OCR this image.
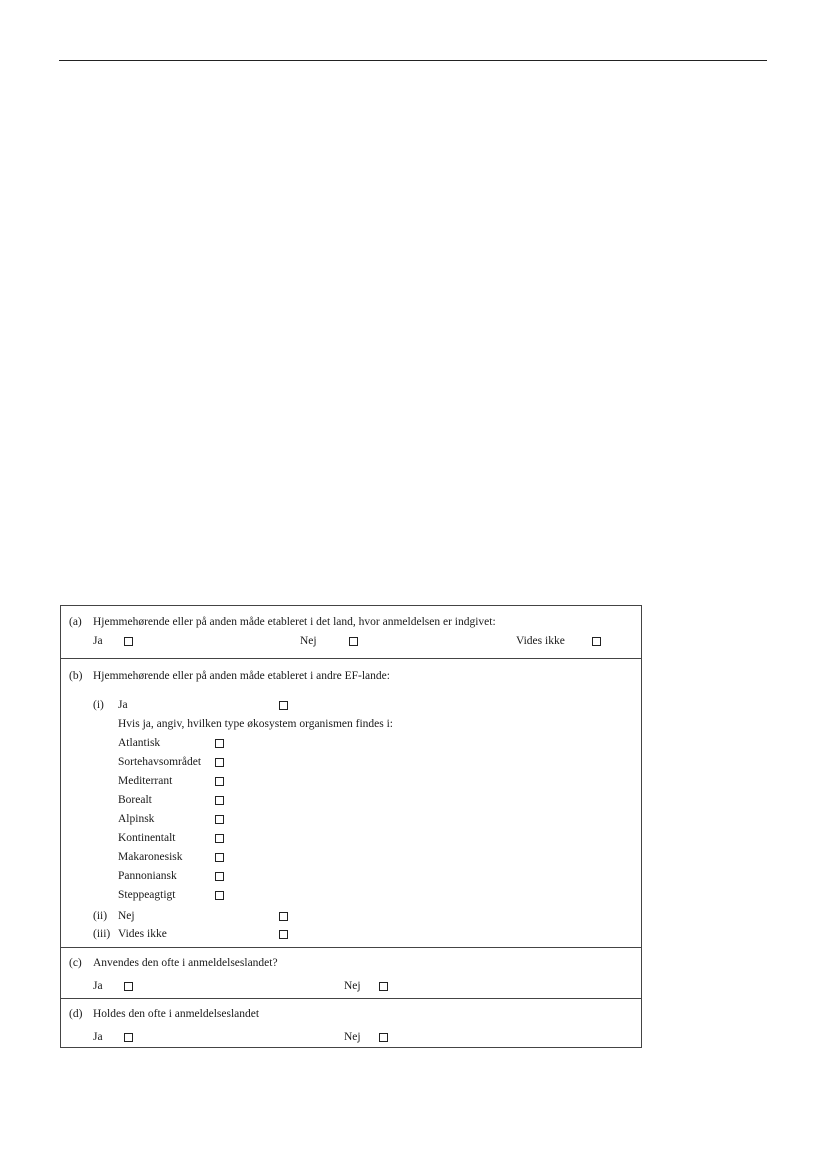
(a) Hjemmehørende eller på anden måde etableret i det land, hvor anmeldelsen er indgivet:
Ja	Nej	Vides ikke
(b) Hjemmehørende eller på anden måde etableret i andre EF-lande:
(i) Ja
Hvis ja, angiv, hvilken type økosystem organismen findes i:
Atlantisk
Sortehavsområdet
Mediterrant
Borealt
Alpinsk
Kontinentalt
Makaronesisk
Pannoniansk
Steppeagtigt
(ii) Nej
(iii) Vides ikke
(c) Anvendes den ofte i anmeldelseslandet?
Ja	Nej
(d) Holdes den ofte i anmeldelseslandet
Ja	Nej
